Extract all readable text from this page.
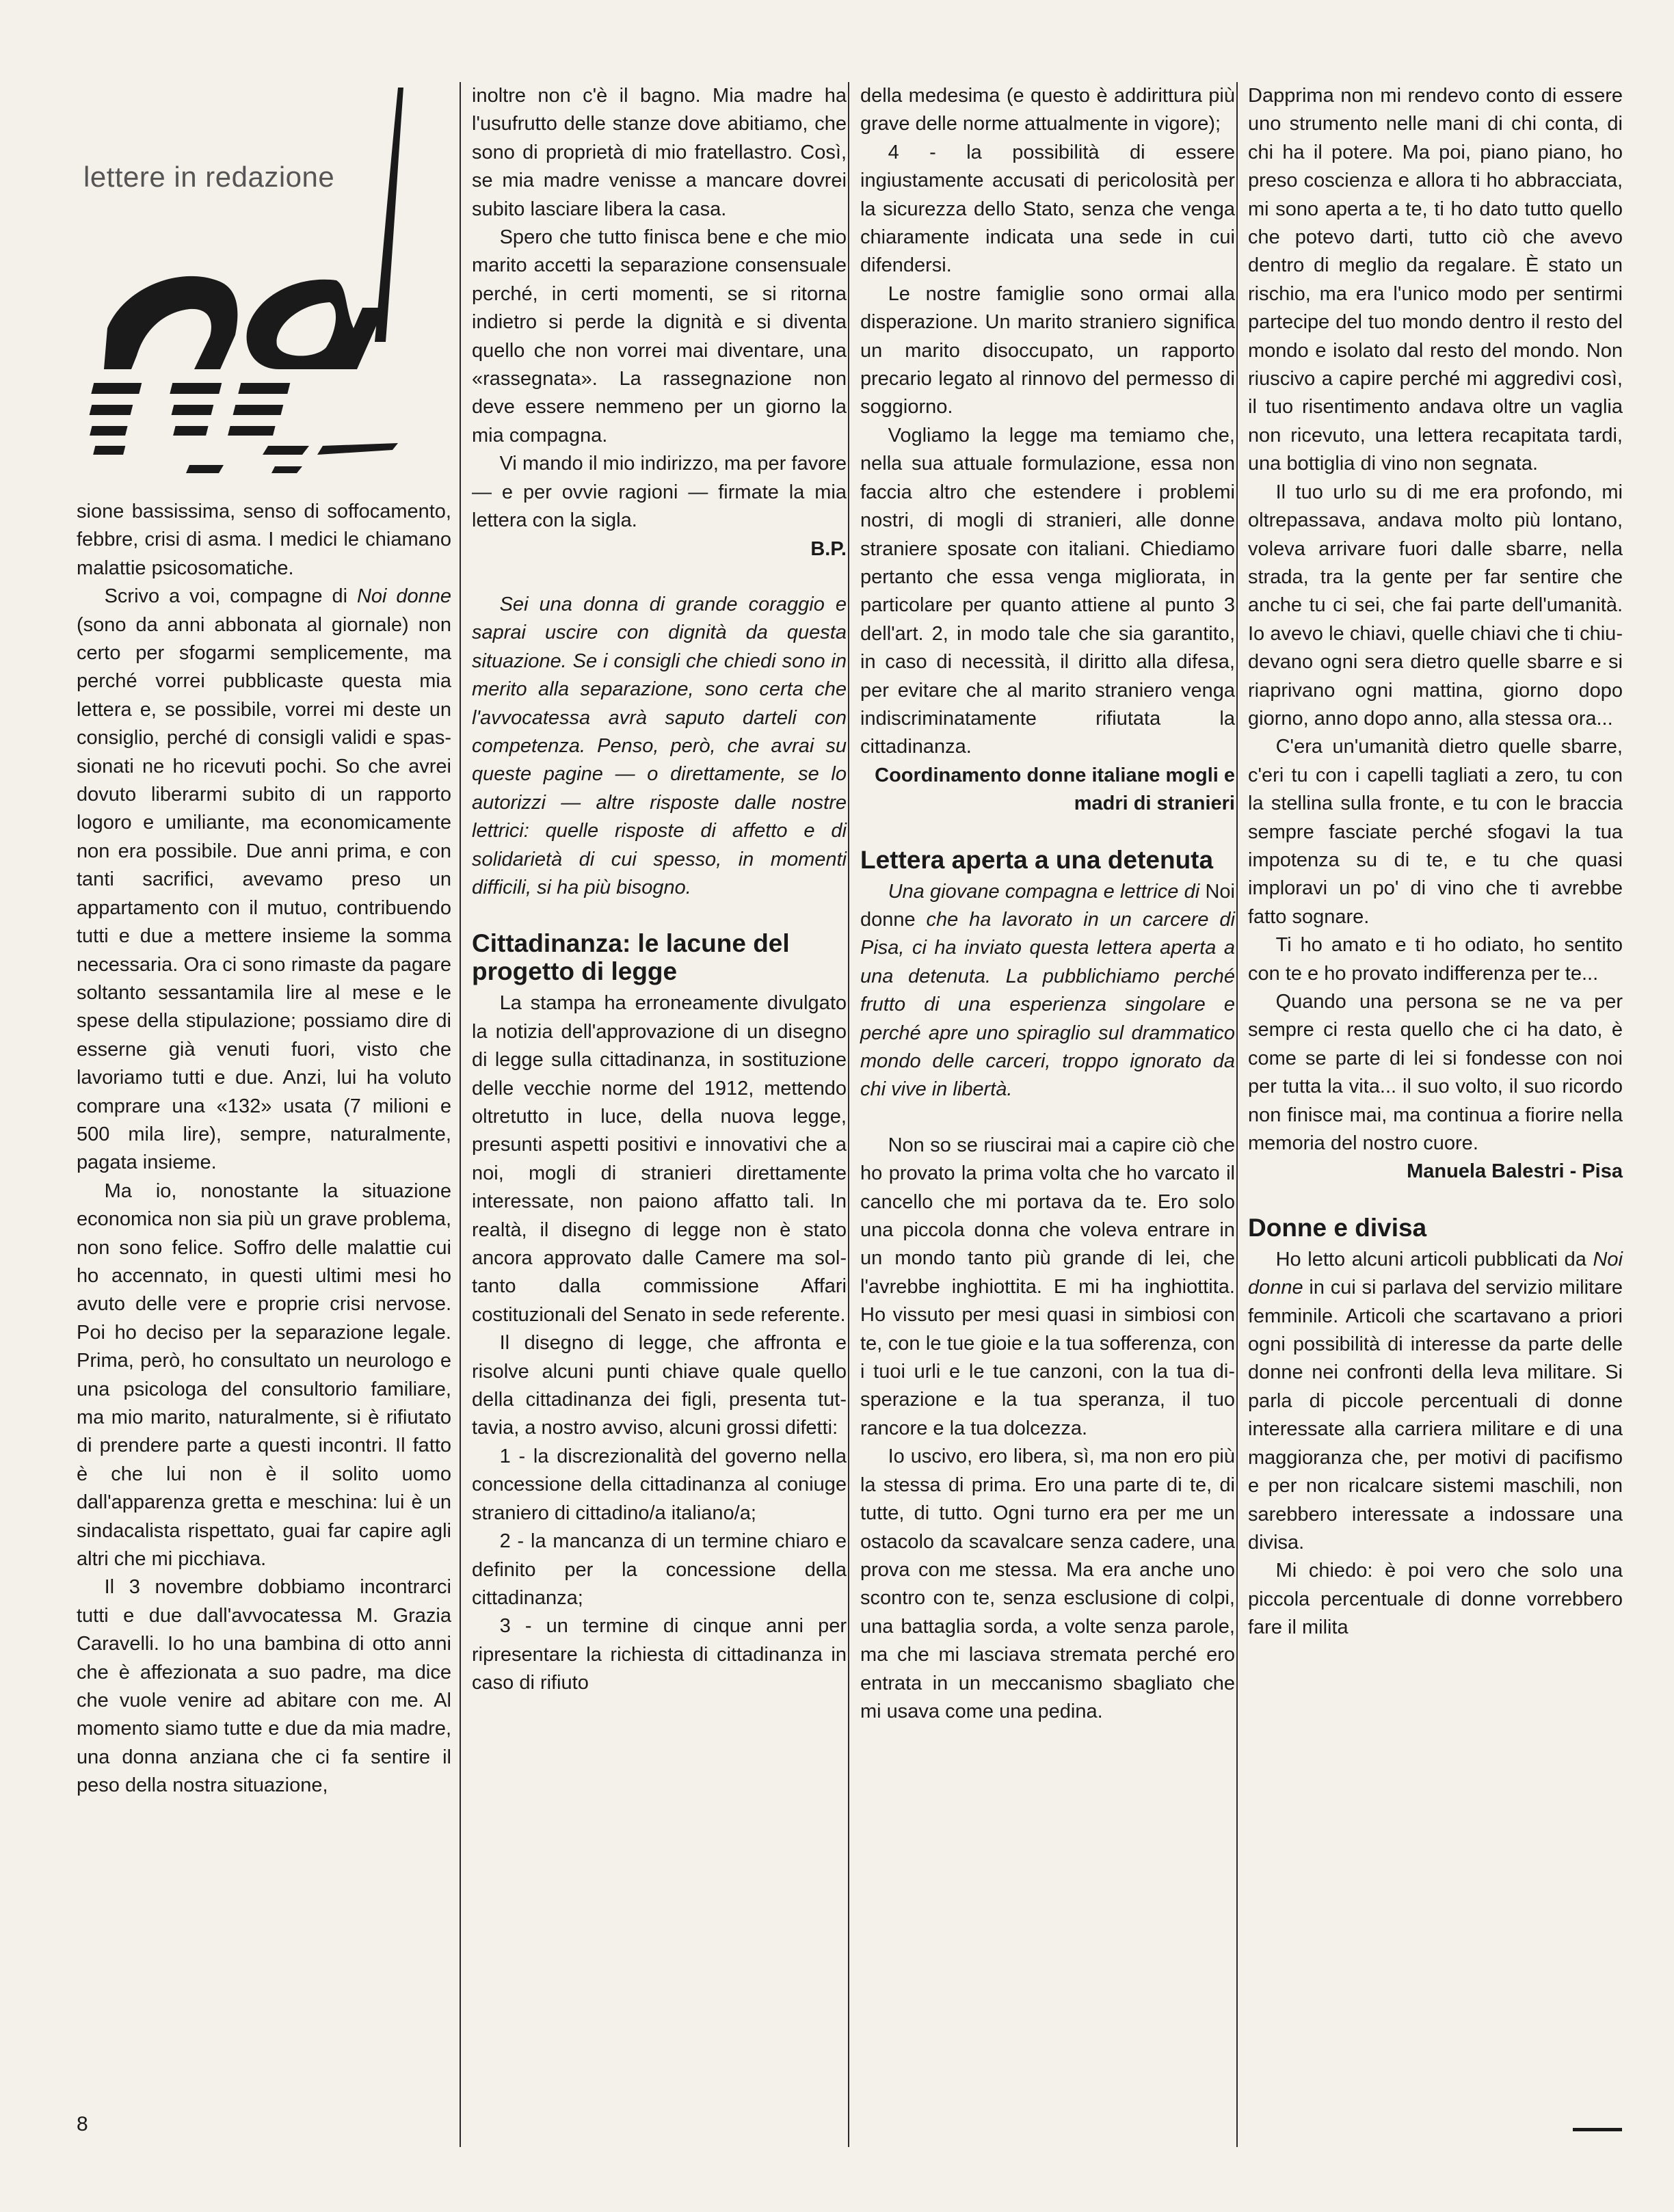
lettere in redazione

sione bassissima, senso di soffocamento, febbre, crisi di asma. I medici le chiamano malattie psicosomatiche.

Scrivo a voi, compagne di Noi donne (sono da anni abbonata al giornale) non certo per sfogarmi semplicemente, ma perché vorrei pubblicaste questa mia lettera e, se possibile, vorrei mi deste un consiglio, perché di consigli validi e spassionati ne ho ricevuti pochi. So che avrei dovuto liberarmi subito di un rapporto logoro e umiliante, ma economicamente non era possibile. Due anni prima, e con tanti sacrifici, avevamo preso un appartamento con il mutuo, contribuendo tutti e due a mettere insieme la somma necessaria. Ora ci sono rimaste da pagare soltanto sessantamila lire al mese e le spese della stipulazione; possiamo dire di esserne già venuti fuori, visto che lavoriamo tutti e due. Anzi, lui ha voluto comprare una «132» usata (7 milioni e 500 mila lire), sempre, naturalmente, pagata insieme.

Ma io, nonostante la situazione economica non sia più un grave problema, non sono felice. Soffro delle malattie cui ho accennato, in questi ultimi mesi ho avuto delle vere e proprie crisi nervose. Poi ho deciso per la separazione legale. Prima, però, ho consultato un neurologo e una psicologa del consultorio familiare, ma mio marito, naturalmente, si è rifiutato di prendere parte a questi incontri. Il fatto è che lui non è il solito uomo dall'apparenza gretta e meschina: lui è un sindacalista rispettato, guai far capire agli altri che mi picchiava.

Il 3 novembre dobbiamo incontrarci tutti e due dall'avvocatessa M. Grazia Caravelli. Io ho una bambina di otto anni che è affezionata a suo padre, ma dice che vuole venire ad abitare con me. Al momento siamo tutte e due da mia madre, una donna anziana che ci fa sentire il peso della nostra situazione,

inoltre non c'è il bagno. Mia madre ha l'usufrutto delle stanze dove abitiamo, che sono di proprietà di mio fratellastro. Così, se mia madre venisse a mancare dovrei subito lasciare libera la casa.

Spero che tutto finisca bene e che mio marito accetti la separazione consensuale perché, in certi momenti, se si ritorna indietro si perde la dignità e si diventa quello che non vorrei mai diventare, una «rassegnata». La rassegnazione non deve essere nemmeno per un giorno la mia compagna.

Vi mando il mio indirizzo, ma per favore — e per ovvie ragioni — firmate la mia lettera con la sigla.

B.P.

Sei una donna di grande coraggio e saprai uscire con dignità da questa situazione. Se i consigli che chiedi sono in merito alla separazione, sono certa che l'avvocatessa avrà saputo darteli con competenza. Penso, però, che avrai su queste pagine — o direttamente, se lo autorizzi — altre risposte dalle nostre lettrici: quelle risposte di affetto e di solidarietà di cui spesso, in momenti difficili, si ha più bisogno.

Cittadinanza: le lacune del progetto di legge

La stampa ha erroneamente divulgato la notizia dell'approvazione di un disegno di legge sulla cittadinanza, in sostituzione delle vecchie norme del 1912, mettendo oltretutto in luce, della nuova legge, presunti aspetti positivi e innovativi che a noi, mogli di stranieri direttamente interessate, non paiono affatto tali. In realtà, il disegno di legge non è stato ancora approvato dalle Camere ma soltanto dalla commissione Affari costituzionali del Senato in sede referente.

Il disegno di legge, che affronta e risolve alcuni punti chiave quale quello della cittadinanza dei figli, presenta tuttavia, a nostro avviso, alcuni grossi difetti:

1 - la discrezionalità del governo nella concessione della cittadinanza al coniuge straniero di cittadino/a italiano/a;

2 - la mancanza di un termine chiaro e definito per la concessione della cittadinanza;

3 - un termine di cinque anni per ripresentare la richiesta di cittadinanza in caso di rifiuto

della medesima (e questo è addirittura più grave delle norme attualmente in vigore);

4 - la possibilità di essere ingiustamente accusati di pericolosità per la sicurezza dello Stato, senza che venga chiaramente indicata una sede in cui difendersi.

Le nostre famiglie sono ormai alla disperazione. Un marito straniero significa un marito disoccupato, un rapporto precario legato al rinnovo del permesso di soggiorno.

Vogliamo la legge ma temiamo che, nella sua attuale formulazione, essa non faccia altro che estendere i problemi nostri, di mogli di stranieri, alle donne straniere sposate con italiani. Chiediamo pertanto che essa venga migliorata, in particolare per quanto attiene al punto 3 dell'art. 2, in modo tale che sia garantito, in caso di necessità, il diritto alla difesa, per evitare che al marito straniero venga indiscriminatamente rifiutata la cittadinanza.

Coordinamento donne italiane mogli e madri di stranieri

Lettera aperta a una detenuta

Una giovane compagna e lettrice di Noi donne che ha lavorato in un carcere di Pisa, ci ha inviato questa lettera aperta a una detenuta. La pubblichiamo perché frutto di una esperienza singolare e perché apre uno spiraglio sul drammatico mondo delle carceri, troppo ignorato da chi vive in libertà.

Non so se riuscirai mai a capire ciò che ho provato la prima volta che ho varcato il cancello che mi portava da te. Ero solo una piccola donna che voleva entrare in un mondo tanto più grande di lei, che l'avrebbe inghiottita. E mi ha inghiottita. Ho vissuto per mesi quasi in simbiosi con te, con le tue gioie e la tua sofferenza, con i tuoi urli e le tue canzoni, con la tua disperazione e la tua speranza, il tuo rancore e la tua dolcezza.

Io uscivo, ero libera, sì, ma non ero più la stessa di prima. Ero una parte di te, di tutte, di tutto. Ogni turno era per me un ostacolo da scavalcare senza cadere, una prova con me stessa. Ma era anche uno scontro con te, senza esclusione di colpi, una battaglia sorda, a volte senza parole, ma che mi lasciava stremata perché ero entrata in un meccanismo sbagliato che mi usava come una pedina.

Dapprima non mi rendevo conto di essere uno strumento nelle mani di chi conta, di chi ha il potere. Ma poi, piano piano, ho preso coscienza e allora ti ho abbracciata, mi sono aperta a te, ti ho dato tutto quello che potevo darti, tutto ciò che avevo dentro di meglio da regalare. È stato un rischio, ma era l'unico modo per sentirmi partecipe del tuo mondo dentro il resto del mondo e isolato dal resto del mondo. Non riuscivo a capire perché mi aggredivi così, il tuo risentimento andava oltre un vaglia non ricevuto, una lettera recapitata tardi, una bottiglia di vino non segnata.

Il tuo urlo su di me era profondo, mi oltrepassava, andava molto più lontano, voleva arrivare fuori dalle sbarre, nella strada, tra la gente per far sentire che anche tu ci sei, che fai parte dell'umanità. Io avevo le chiavi, quelle chiavi che ti chiudevano ogni sera dietro quelle sbarre e si riaprivano ogni mattina, giorno dopo giorno, anno dopo anno, alla stessa ora...

C'era un'umanità dietro quelle sbarre, c'eri tu con i capelli tagliati a zero, tu con la stellina sulla fronte, e tu con le braccia sempre fasciate perché sfogavi la tua impotenza su di te, e tu che quasi imploravi un po' di vino che ti avrebbe fatto sognare.

Ti ho amato e ti ho odiato, ho sentito con te e ho provato indifferenza per te...

Quando una persona se ne va per sempre ci resta quello che ci ha dato, è come se parte di lei si fondesse con noi per tutta la vita... il suo volto, il suo ricordo non finisce mai, ma continua a fiorire nella memoria del nostro cuore.

Manuela Balestri - Pisa

Donne e divisa

Ho letto alcuni articoli pubblicati da Noi donne in cui si parlava del servizio militare femminile. Articoli che scartavano a priori ogni possibilità di interesse da parte delle donne nei confronti della leva militare. Si parla di piccole percentuali di donne interessate alla carriera militare e di una maggioranza che, per motivi di pacifismo e per non ricalcare sistemi maschili, non sarebbero interessate a indossare una divisa.

Mi chiedo: è poi vero che solo una piccola percentuale di donne vorrebbero fare il milita

8
